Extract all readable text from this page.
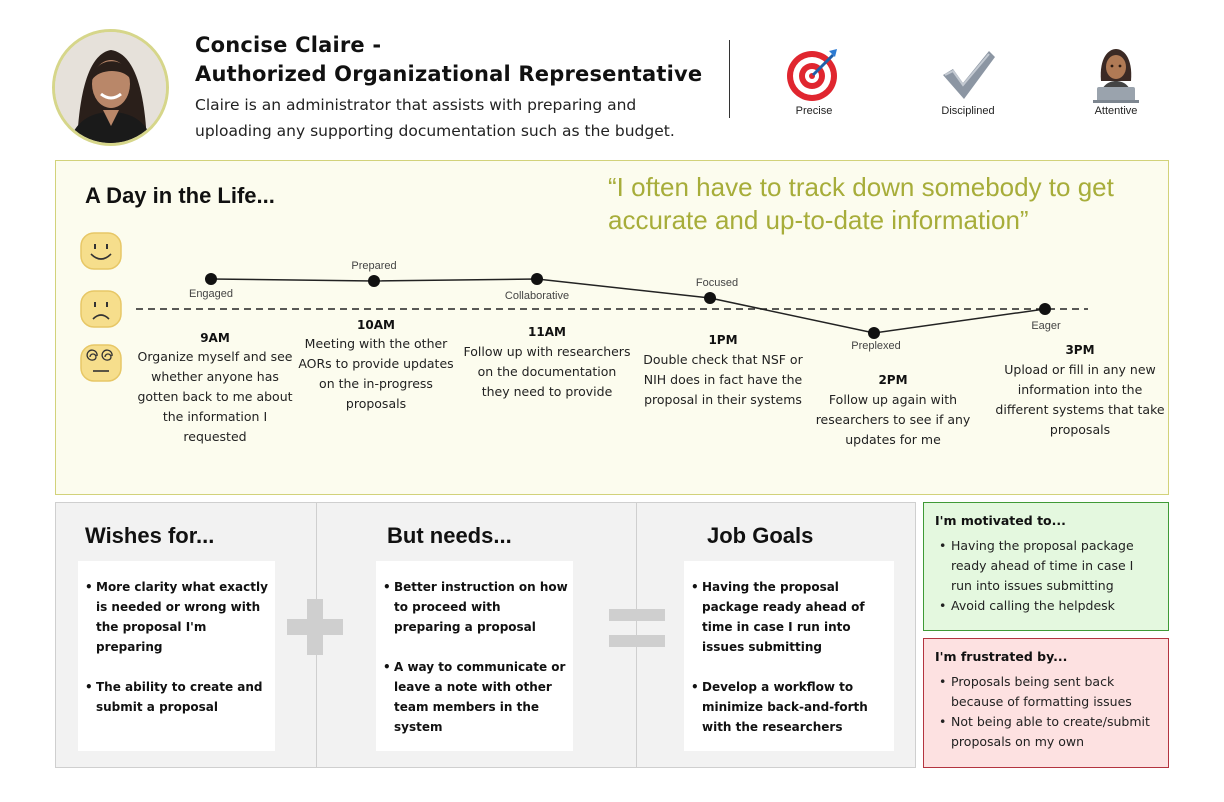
Concise Claire -
Authorized Organizational Representative
Claire is an administrator that assists with preparing and uploading any supporting documentation such as the budget.
Precise	Disciplined	Attentive
A Day in the Life...	“I often have to track down somebody to get accurate and up-to-date information”
Engaged
9AM
Organize myself and see whether anyone has gotten back to me about the information I requested
Prepared
10AM
Meeting with the other AORs to provide updates on the in-progress proposals
Collaborative
11AM
Follow up with researchers on the documentation they need to provide
Focused
1PM
Double check that NSF or NIH does in fact have the proposal in their systems
Preplexed
2PM
Follow up again with researchers to see if any updates for me
Eager
3PM
Upload or fill in any new information into the different systems that take proposals
Wishes for...
• More clarity what exactly is needed or wrong with the proposal I'm preparing
• The ability to create and submit a proposal
But needs...
• Better instruction on how to proceed with preparing a proposal
• A way to communicate or leave a note with other team members in the system
Job Goals
• Having the proposal package ready ahead of time in case I run into issues submitting
• Develop a workflow to minimize back-and-forth with the researchers
I'm motivated to...
• Having the proposal package ready ahead of time in case I run into issues submitting
• Avoid calling the helpdesk
I'm frustrated by...
• Proposals being sent back because of formatting issues
• Not being able to create/submit proposals on my own
